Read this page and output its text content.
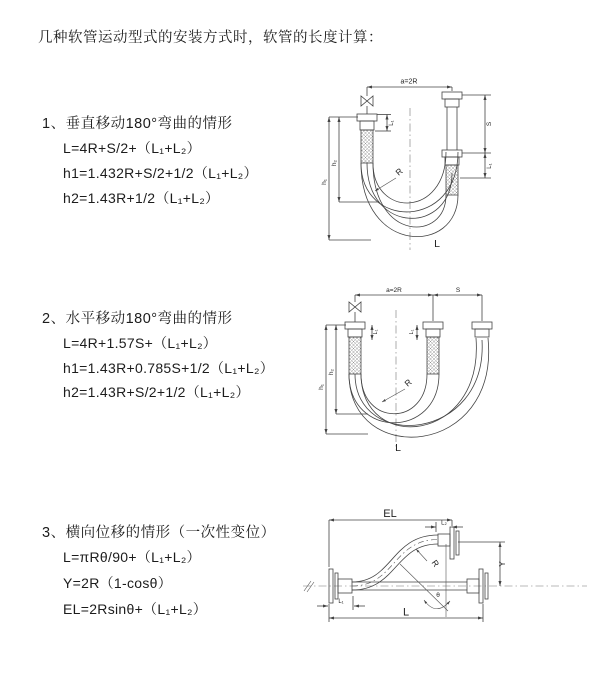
几种软管运动型式的安装方式时，软管的长度计算：
1、垂直移动180°弯曲的情形
L=4R+S/2+（L₁+L₂）
h1=1.432R+S/2+1/2（L₁+L₂）
h2=1.43R+1/2（L₁+L₂）
2、水平移动180°弯曲的情形
L=4R+1.57S+（L₁+L₂）
h1=1.43R+0.785S+1/2（L₁+L₂）
h2=1.43R+S/2+1/2（L₁+L₂）
3、横向位移的情形（一次性变位）
L=πRθ/90+（L₁+L₂）
Y=2R（1-cosθ）
EL=2Rsinθ+（L₁+L₂）
a=2R
L₁
h₁
h₂
S
L₁
R
L
a=2R	S
L₁	L₁
h₁
h₂
R
L
EL
L₂
Y
L
L₁
θ
R
